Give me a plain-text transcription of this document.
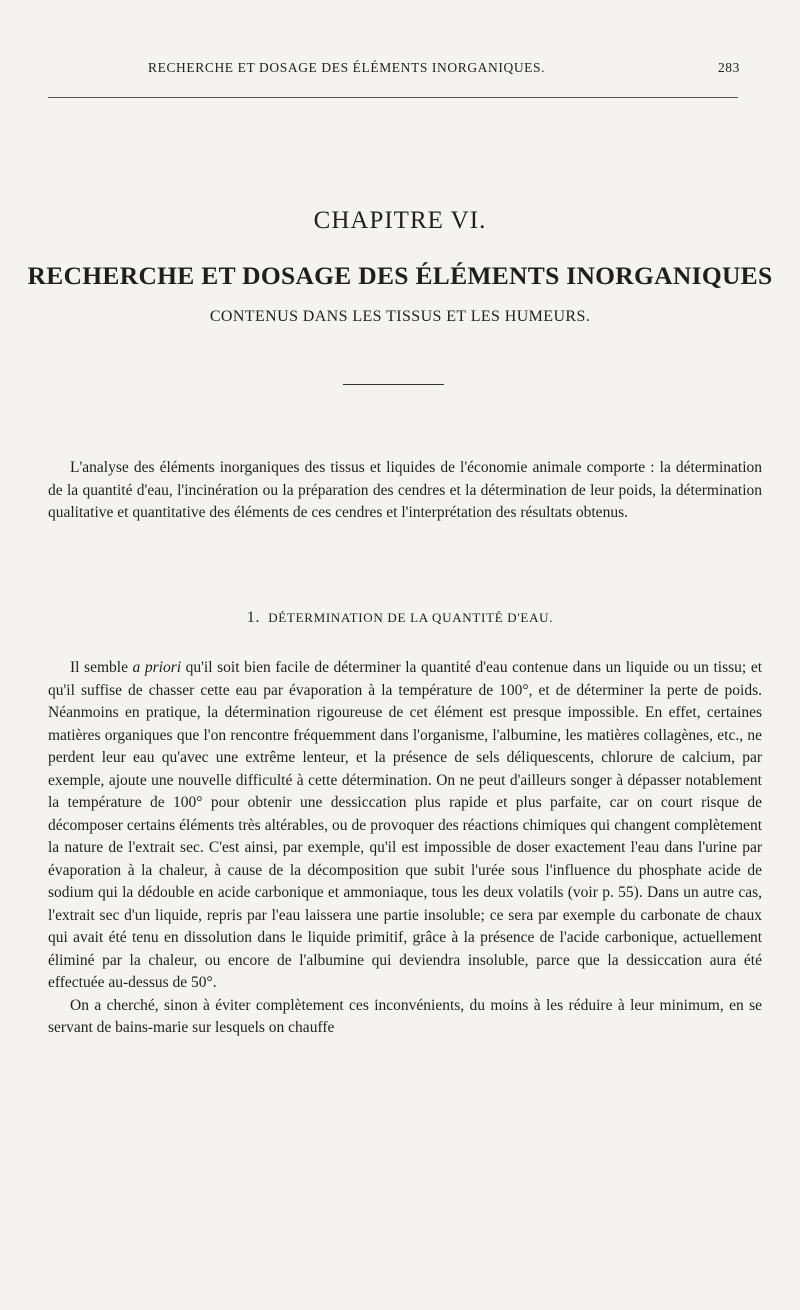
RECHERCHE ET DOSAGE DES ÉLÉMENTS INORGANIQUES.	283
CHAPITRE VI.
RECHERCHE ET DOSAGE DES ÉLÉMENTS INORGANIQUES
CONTENUS DANS LES TISSUS ET LES HUMEURS.

L'analyse des éléments inorganiques des tissus et liquides de l'économie animale comporte : la détermination de la quantité d'eau, l'incinération ou la préparation des cendres et la détermination de leur poids, la détermination qualitative et quantitative des éléments de ces cendres et l'interprétation des résultats obtenus.

1. DÉTERMINATION DE LA QUANTITÉ D'EAU.

Il semble a priori qu'il soit bien facile de déterminer la quantité d'eau contenue dans un liquide ou un tissu; et qu'il suffise de chasser cette eau par évaporation à la température de 100°, et de déterminer la perte de poids. Néanmoins en pratique, la détermination rigoureuse de cet élément est presque impossible. En effet, certaines matières organiques que l'on rencontre fréquemment dans l'organisme, l'albumine, les matières collagènes, etc., ne perdent leur eau qu'avec une extrême lenteur, et la présence de sels déliquescents, chlorure de calcium, par exemple, ajoute une nouvelle difficulté à cette détermination. On ne peut d'ailleurs songer à dépasser notablement la température de 100° pour obtenir une dessiccation plus rapide et plus parfaite, car on court risque de décomposer certains éléments très altérables, ou de provoquer des réactions chimiques qui changent complètement la nature de l'extrait sec. C'est ainsi, par exemple, qu'il est impossible de doser exactement l'eau dans l'urine par évaporation à la chaleur, à cause de la décomposition que subit l'urée sous l'influence du phosphate acide de sodium qui la dédouble en acide carbonique et ammoniaque, tous les deux volatils (voir p. 55). Dans un autre cas, l'extrait sec d'un liquide, repris par l'eau laissera une partie insoluble; ce sera par exemple du carbonate de chaux qui avait été tenu en dissolution dans le liquide primitif, grâce à la présence de l'acide carbonique, actuellement éliminé par la chaleur, ou encore de l'albumine qui deviendra insoluble, parce que la dessiccation aura été effectuée au-dessus de 50°.

On a cherché, sinon à éviter complètement ces inconvénients, du moins à les réduire à leur minimum, en se servant de bains-marie sur lesquels on chauffe
